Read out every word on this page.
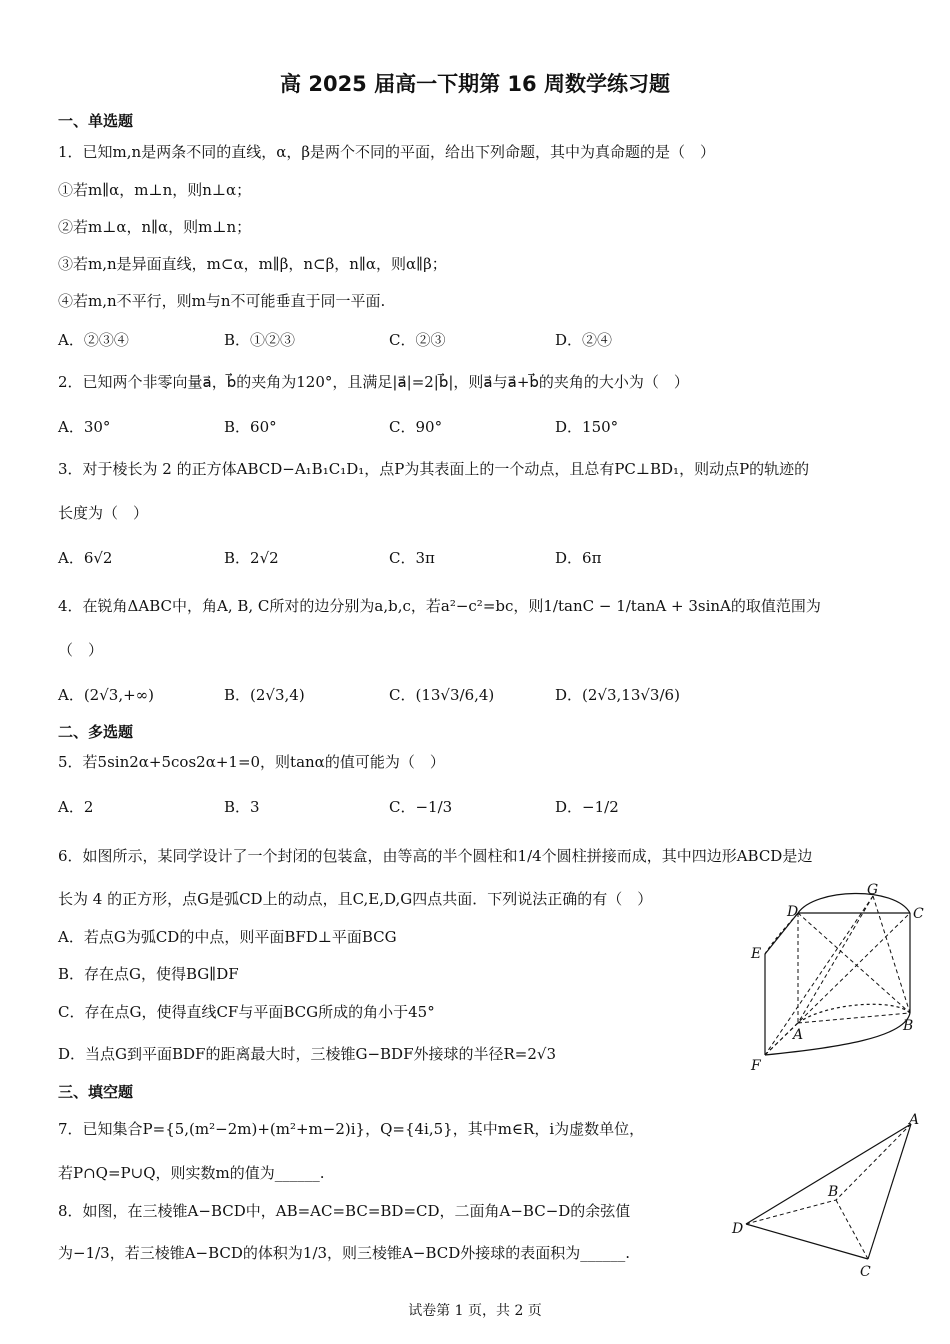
高 2025 届高一下期第 16 周数学练习题
一、单选题
1．已知m,n是两条不同的直线，α，β是两个不同的平面，给出下列命题，其中为真命题的是（　）
①若m∥α，m⊥n，则n⊥α；
②若m⊥α，n∥α，则m⊥n；
③若m,n是异面直线，m⊂α，m∥β，n⊂β，n∥α，则α∥β；
④若m,n不平行，则m与n不可能垂直于同一平面.
A．②③④	B．①②③	C．②③	D．②④
2．已知两个非零向量a⃗，b⃗的夹角为120°，且满足|a⃗|=2|b⃗|，则a⃗与a⃗+b⃗的夹角的大小为（　）
A．30°	B．60°	C．90°	D．150°
3．对于棱长为 2 的正方体ABCD−A₁B₁C₁D₁，点P为其表面上的一个动点，且总有PC⊥BD₁，则动点P的轨迹的
长度为（　）
A．6√2	B．2√2	C．3π	D．6π
4．在锐角ΔABC中，角A, B, C所对的边分别为a,b,c，若a²−c²=bc，则1/tanC − 1/tanA + 3sinA的取值范围为
（　）
A．(2√3,+∞)	B．(2√3,4)	C．(13√3/6,4)	D．(2√3,13√3/6)
二、多选题
5．若5sin2α+5cos2α+1=0，则tanα的值可能为（　）
A．2	B．3	C．−1/3	D．−1/2
6．如图所示，某同学设计了一个封闭的包装盒，由等高的半个圆柱和1/4个圆柱拼接而成，其中四边形ABCD是边
长为 4 的正方形，点G是弧CD上的动点，且C,E,D,G四点共面．下列说法正确的有（　）
A．若点G为弧CD的中点，则平面BFD⊥平面BCG
B．存在点G，使得BG∥DF
C．存在点G，使得直线CF与平面BCG所成的角小于45°
D．当点G到平面BDF的距离最大时，三棱锥G−BDF外接球的半径R=2√3
G
D	C
E
A
B
F
三、填空题
7．已知集合P={5,(m²−2m)+(m²+m−2)i}，Q={4i,5}，其中m∈R，i为虚数单位，
若P∩Q=P∪Q，则实数m的值为______.
8．如图，在三棱锥A−BCD中，AB=AC=BC=BD=CD，二面角A−BC−D的余弦值
为−1/3，若三棱锥A−BCD的体积为1/3，则三棱锥A−BCD外接球的表面积为______.
A
B
D
C
试卷第 1 页，共 2 页
